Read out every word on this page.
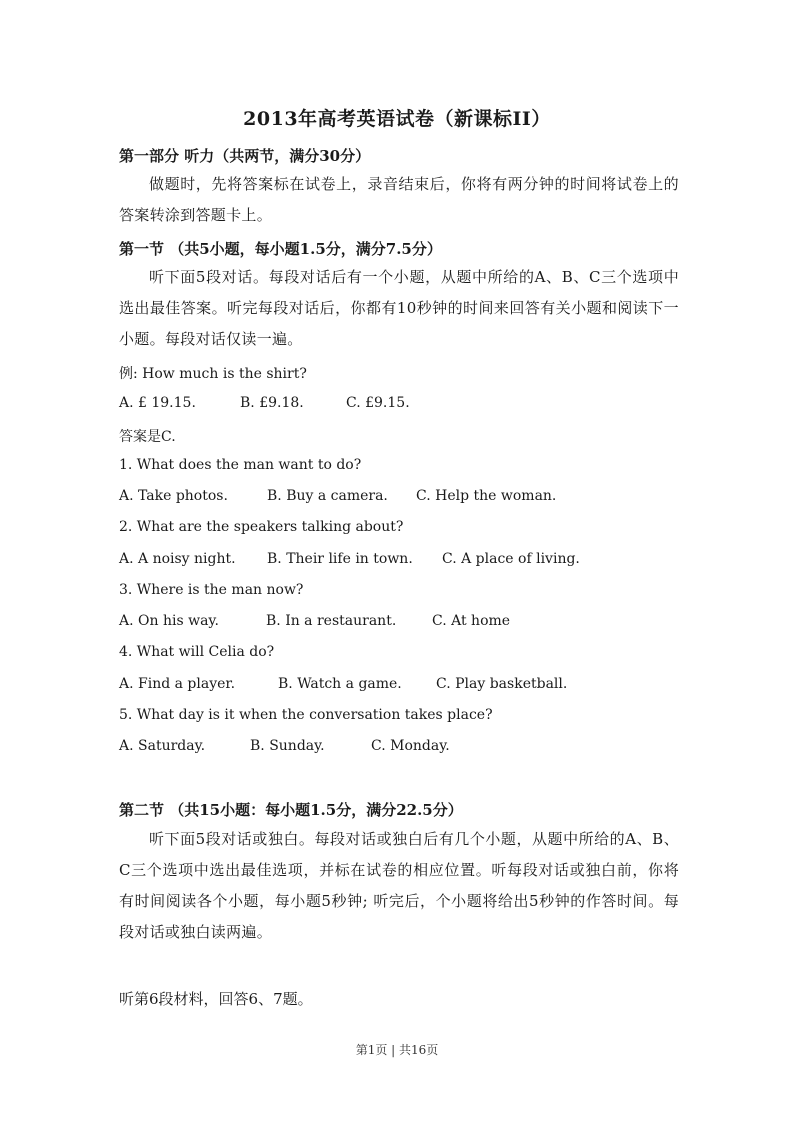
2013年高考英语试卷（新课标II）
第一部分 听力（共两节，满分30分）
做题时，先将答案标在试卷上，录音结束后，你将有两分钟的时间将试卷上的答案转涂到答题卡上。
第一节 （共5小题，每小题1.5分，满分7.5分）
听下面5段对话。每段对话后有一个小题，从题中所给的A、B、C三个选项中选出最佳答案。听完每段对话后，你都有10秒钟的时间来回答有关小题和阅读下一小题。每段对话仅读一遍。
例: How much is the shirt?
A. £ 19.15.	B. £9.18.	C. £9.15.
答案是C.
1. What does the man want to do?
A. Take photos.	B. Buy a camera. C. Help the woman.
2. What are the speakers talking about?
A. A noisy night. B. Their life in town. C. A place of living.
3. Where is the man now?
A. On his way.	B. In a restaurant.	C. At home
4. What will Celia do?
A. Find a player.	B. Watch a game. C. Play basketball.
5. What day is it when the conversation takes place?
A. Saturday.	B. Sunday.	C. Monday.
第二节 （共15小题：每小题1.5分，满分22.5分）
听下面5段对话或独白。每段对话或独白后有几个小题，从题中所给的A、B、C三个选项中选出最佳选项，并标在试卷的相应位置。听每段对话或独白前，你将有时间阅读各个小题，每小题5秒钟; 听完后，个小题将给出5秒钟的作答时间。每段对话或独白读两遍。
听第6段材料，回答6、7题。
第1页 | 共16页
